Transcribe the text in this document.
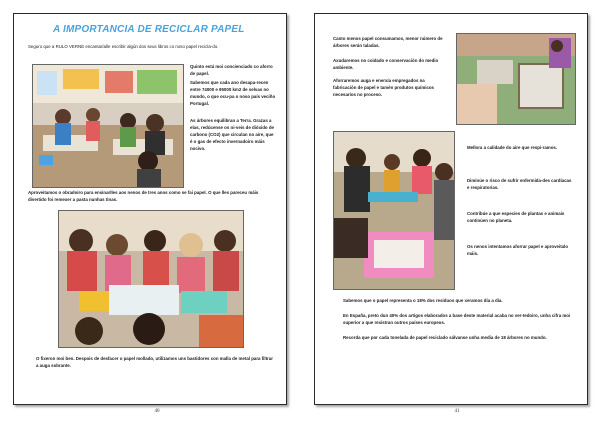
A IMPORTANCIA DE RECICLAR PAPEL
Seguro que a RULO VERNE encantaríalle escribir algún dos seus libros co noso papel recicla-do.
Quinto está moi concienciado co aforro de papel.
Sabemos que cada ano desapa-recen entre 74000 e 95000 km2 de selvas no mundo, o que ocu-pa o noso país veciño Portugal.
As árbores equilibran a Terra. Grazas a elas, redúcense os ni-veis de dióxido de carbono (CO2) que circulan no aire, que é o gas de efecto invernadoiro máis nocivo.
Aproveitamos o obradoiro para ensinarlles aos nenos de tres anos como se fai papel. O que lles pareceu máis divertido foi remexer a pasta nunhas tinas.
O fixeron moi ben. Despois de desfacer o papel mollado, utilizamos uns bastidores con malla de metal para filtrar a auga sobrante.
40
Canto menos papel consumamos, menor número de árbores serán taladas.
Axudaremos no coidado e conservación do medio ambiente.
Aforraremos auga e enerxía empregados na fabricación de papel e tamén produtos químicos necesarios no proceso.
Mellora a calidade do aire que respi-ramos.
Diminúe o risco de sufrir enfermida-des cardíacas e respiratorias.
Contribúe a que especies de plantas e animais continúen no planeta.
Os nenos intentamos aforrar papel e aproveitalo máis.
Sabemos que o papel representa o 18% dos residuos que xeramos día a día.
En España, preto dun 40% dos artigos elaborados a base deste material acaba no ver-tedoiro, unha cifra moi superior a que rexistran outros países europeos.
Recorda que por cada tonelada de papel reciclado sálvanse unha media de 18 árbores no mundo.
41
